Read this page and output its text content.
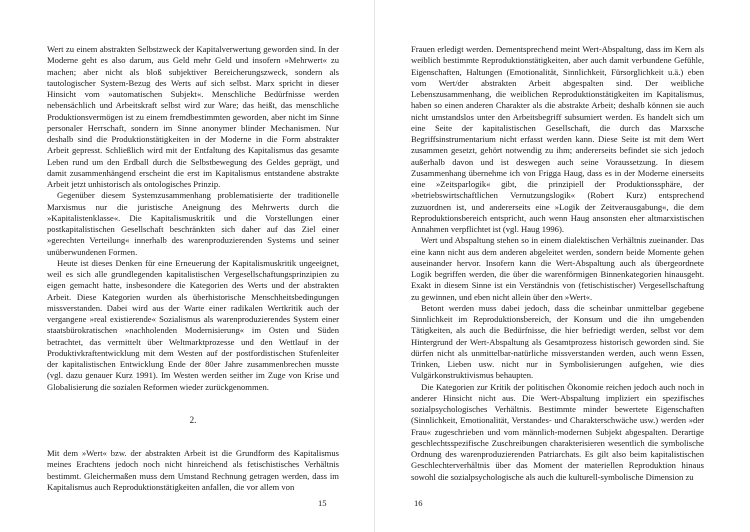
Wert zu einem abstrakten Selbstzweck der Kapitalverwertung geworden sind. In der Moderne geht es also darum, aus Geld mehr Geld und insofern »Mehrwert« zu machen; aber nicht als bloß subjektiver Bereicherungszweck, sondern als tautologischer System-Bezug des Werts auf sich selbst. Marx spricht in dieser Hinsicht vom »automatischen Subjekt«. Menschliche Bedürfnisse werden nebensächlich und Arbeitskraft selbst wird zur Ware; das heißt, das menschliche Produktionsvermögen ist zu einem fremdbestimmten geworden, aber nicht im Sinne personaler Herrschaft, sondern im Sinne anonymer blinder Mechanismen. Nur deshalb sind die Produktionstätigkeiten in der Moderne in die Form abstrakter Arbeit gepresst. Schließlich wird mit der Entfaltung des Kapitalismus das gesamte Leben rund um den Erdball durch die Selbstbewegung des Geldes geprägt, und damit zusammenhängend erscheint die erst im Kapitalismus entstandene abstrakte Arbeit jetzt unhistorisch als ontologisches Prinzip.

Gegenüber diesem Systemzusammenhang problematisierte der traditionelle Marxismus nur die juristische Aneignung des Mehrwerts durch die »Kapitalistenklasse«. Die Kapitalismuskritik und die Vorstellungen einer postkapitalistischen Gesellschaft beschränkten sich daher auf das Ziel einer »gerechten Verteilung« innerhalb des warenproduzierenden Systems und seiner unüberwundenen Formen.

Heute ist dieses Denken für eine Erneuerung der Kapitalismuskritik ungeeignet, weil es sich alle grundlegenden kapitalistischen Vergesellschaftungsprinzipien zu eigen gemacht hatte, insbesondere die Kategorien des Werts und der abstrakten Arbeit. Diese Kategorien wurden als überhistorische Menschheitsbedingungen missverstanden. Dabei wird aus der Warte einer radikalen Wertkritik auch der vergangene »real existierende« Sozialismus als warenproduzierendes System einer staatsbürokratischen »nachholenden Modernisierung« im Osten und Süden betrachtet, das vermittelt über Weltmarktprozesse und den Wettlauf in der Produktivkraftentwicklung mit dem Westen auf der postfordistischen Stufenleiter der kapitalistischen Entwicklung Ende der 80er Jahre zusammenbrechen musste (vgl. dazu genauer Kurz 1991). Im Westen werden seither im Zuge von Krise und Globalisierung die sozialen Reformen wieder zurückgenommen.

2.

Mit dem »Wert« bzw. der abstrakten Arbeit ist die Grundform des Kapitalismus meines Erachtens jedoch noch nicht hinreichend als fetischistisches Verhältnis bestimmt. Gleichermaßen muss dem Umstand Rechnung getragen werden, dass im Kapitalismus auch Reproduktionstätigkeiten anfallen, die vor allem von

15

Frauen erledigt werden. Dementsprechend meint Wert-Abspaltung, dass im Kern als weiblich bestimmte Reproduktionstätigkeiten, aber auch damit verbundene Gefühle, Eigenschaften, Haltungen (Emotionalität, Sinnlichkeit, Fürsorglichkeit u.ä.) eben vom Wert/der abstrakten Arbeit abgespalten sind. Der weibliche Lebenszusammenhang, die weiblichen Reproduktionstätigkeiten im Kapitalismus, haben so einen anderen Charakter als die abstrakte Arbeit; deshalb können sie auch nicht umstandslos unter den Arbeitsbegriff subsumiert werden. Es handelt sich um eine Seite der kapitalistischen Gesellschaft, die durch das Marxsche Begriffsinstrumentarium nicht erfasst werden kann. Diese Seite ist mit dem Wert zusammen gesetzt, gehört notwendig zu ihm; andererseits befindet sie sich jedoch außerhalb davon und ist deswegen auch seine Voraussetzung. In diesem Zusammenhang übernehme ich von Frigga Haug, dass es in der Moderne einerseits eine »Zeitsparlogik« gibt, die prinzipiell der Produktionssphäre, der »betriebswirtschaftlichen Vernutzungslogik« (Robert Kurz) entsprechend zuzuordnen ist, und andererseits eine »Logik der Zeitverausgabung«, die dem Reproduktionsbereich entspricht, auch wenn Haug ansonsten eher altmarxistischen Annahmen verpflichtet ist (vgl. Haug 1996).

Wert und Abspaltung stehen so in einem dialektischen Verhältnis zueinander. Das eine kann nicht aus dem anderen abgeleitet werden, sondern beide Momente gehen auseinander hervor. Insofern kann die Wert-Abspaltung auch als übergeordnete Logik begriffen werden, die über die warenförmigen Binnenkategorien hinausgeht. Exakt in diesem Sinne ist ein Verständnis von (fetischistischer) Vergesellschaftung zu gewinnen, und eben nicht allein über den »Wert«.

Betont werden muss dabei jedoch, dass die scheinbar unmittelbar gegebene Sinnlichkeit im Reproduktionsbereich, der Konsum und die ihn umgebenden Tätigkeiten, als auch die Bedürfnisse, die hier befriedigt werden, selbst vor dem Hintergrund der Wert-Abspaltung als Gesamtprozess historisch geworden sind. Sie dürfen nicht als unmittelbar-natürliche missverstanden werden, auch wenn Essen, Trinken, Lieben usw. nicht nur in Symbolisierungen aufgehen, wie dies Vulgärkonstruktivismus behaupten.

Die Kategorien zur Kritik der politischen Ökonomie reichen jedoch auch noch in anderer Hinsicht nicht aus. Die Wert-Abspaltung impliziert ein spezifisches sozialpsychologisches Verhältnis. Bestimmte minder bewertete Eigenschaften (Sinnlichkeit, Emotionalität, Verstandes- und Charakterschwäche usw.) werden »der Frau« zugeschrieben und vom männlich-modernen Subjekt abgespalten. Derartige geschlechtsspezifische Zuschreibungen charakterisieren wesentlich die symbolische Ordnung des warenproduzierenden Patriarchats. Es gilt also beim kapitalistischen Geschlechterverhältnis über das Moment der materiellen Reproduktion hinaus sowohl die sozialpsychologische als auch die kulturell-symbolische Dimension zu

16
